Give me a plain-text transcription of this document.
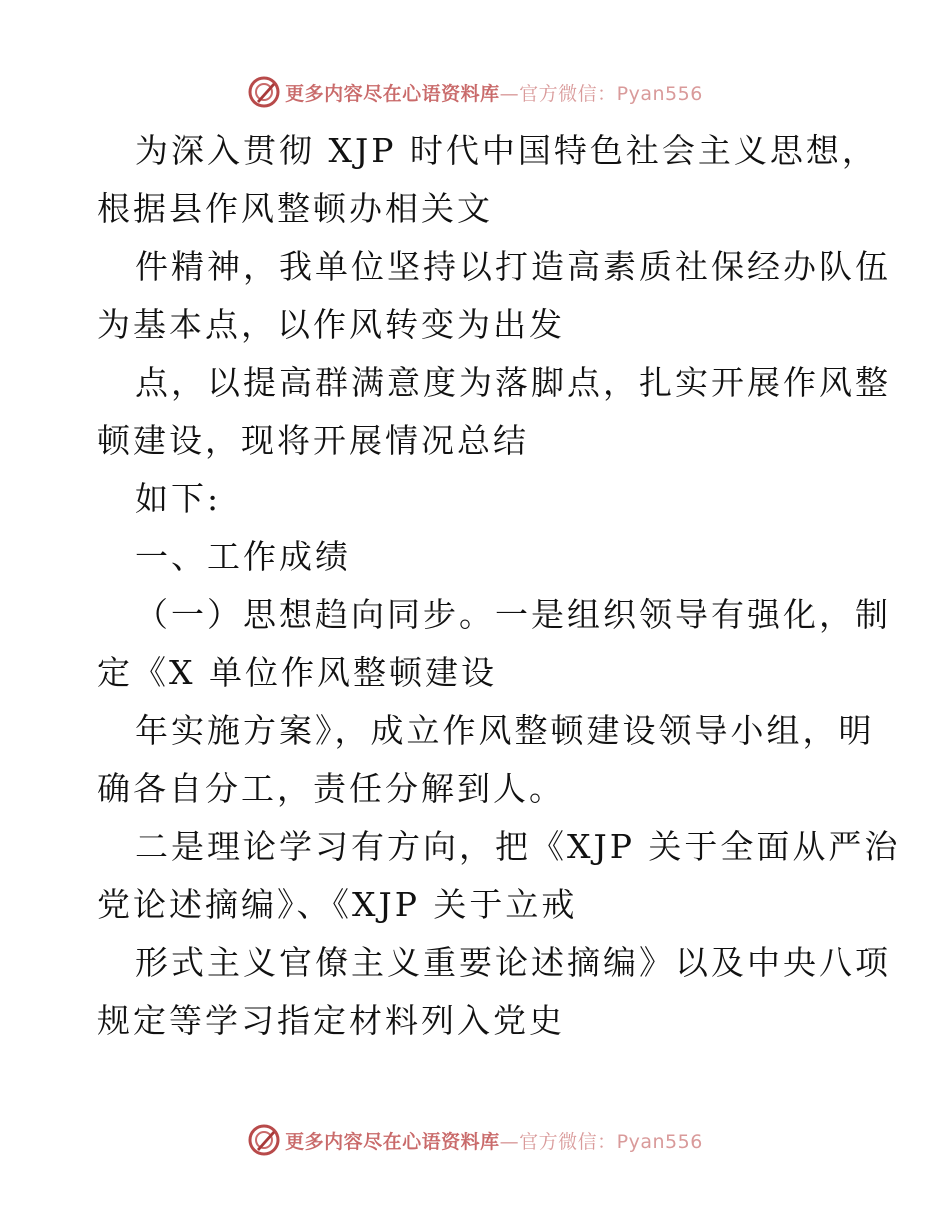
更多内容尽在心语资料库—官方微信：Pyan556
为深入贯彻 XJP 时代中国特色社会主义思想，
根据县作风整顿办相关文
件精神，我单位坚持以打造高素质社保经办队伍
为基本点，以作风转变为出发
点，以提高群满意度为落脚点，扎实开展作风整
顿建设，现将开展情况总结
如下:
一、工作成绩
（一）思想趋向同步。一是组织领导有强化，制
定《X 单位作风整顿建设
年实施方案》，成立作风整顿建设领导小组，明
确各自分工，责任分解到人。
二是理论学习有方向，把《XJP 关于全面从严治
党论述摘编》、《XJP 关于立戒
形式主义官僚主义重要论述摘编》以及中央八项
规定等学习指定材料列入党史
更多内容尽在心语资料库—官方微信：Pyan556
